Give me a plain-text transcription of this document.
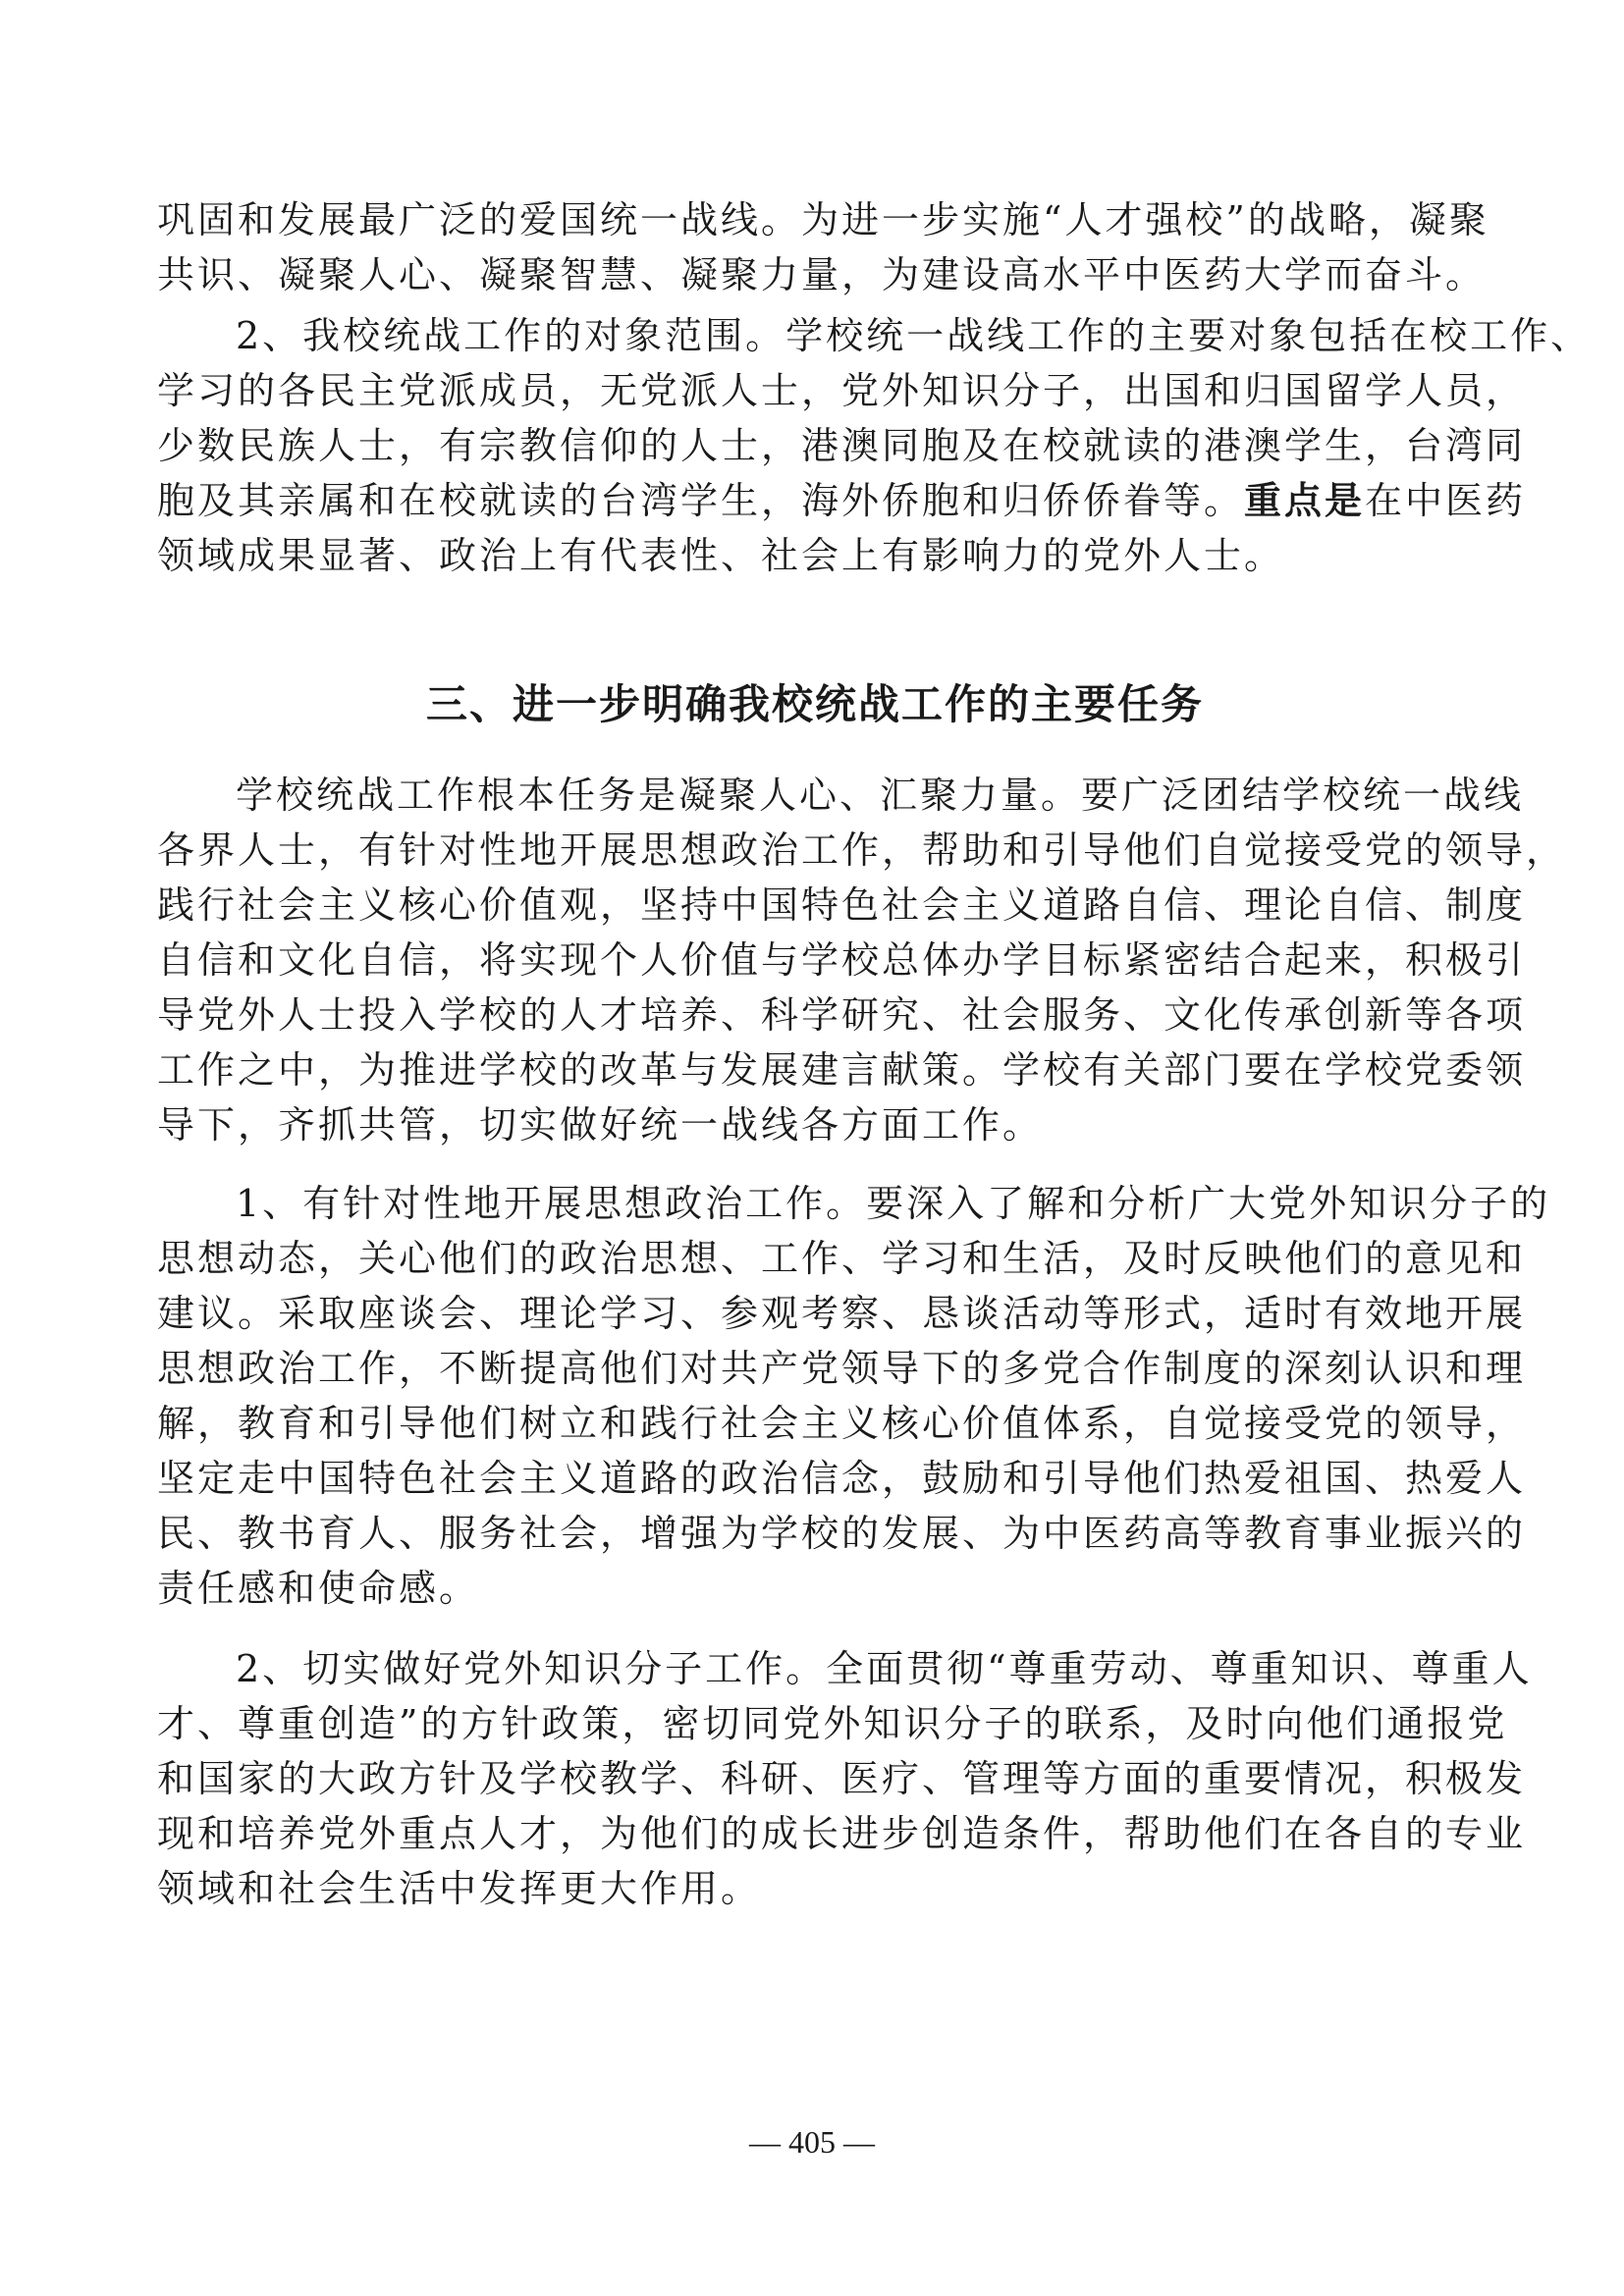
巩固和发展最广泛的爱国统一战线。为进一步实施“人才强校”的战略，凝聚
共识、凝聚人心、凝聚智慧、凝聚力量，为建设高水平中医药大学而奋斗。
2、我校统战工作的对象范围。学校统一战线工作的主要对象包括在校工作、
学习的各民主党派成员，无党派人士，党外知识分子，出国和归国留学人员，
少数民族人士，有宗教信仰的人士，港澳同胞及在校就读的港澳学生，台湾同
胞及其亲属和在校就读的台湾学生，海外侨胞和归侨侨眷等。重点是在中医药
领域成果显著、政治上有代表性、社会上有影响力的党外人士。
三、进一步明确我校统战工作的主要任务
学校统战工作根本任务是凝聚人心、汇聚力量。要广泛团结学校统一战线
各界人士，有针对性地开展思想政治工作，帮助和引导他们自觉接受党的领导，
践行社会主义核心价值观，坚持中国特色社会主义道路自信、理论自信、制度
自信和文化自信，将实现个人价值与学校总体办学目标紧密结合起来，积极引
导党外人士投入学校的人才培养、科学研究、社会服务、文化传承创新等各项
工作之中，为推进学校的改革与发展建言献策。学校有关部门要在学校党委领
导下，齐抓共管，切实做好统一战线各方面工作。
1、有针对性地开展思想政治工作。要深入了解和分析广大党外知识分子的
思想动态，关心他们的政治思想、工作、学习和生活，及时反映他们的意见和
建议。采取座谈会、理论学习、参观考察、恳谈活动等形式，适时有效地开展
思想政治工作，不断提高他们对共产党领导下的多党合作制度的深刻认识和理
解，教育和引导他们树立和践行社会主义核心价值体系，自觉接受党的领导，
坚定走中国特色社会主义道路的政治信念，鼓励和引导他们热爱祖国、热爱人
民、教书育人、服务社会，增强为学校的发展、为中医药高等教育事业振兴的
责任感和使命感。
2、切实做好党外知识分子工作。全面贯彻“尊重劳动、尊重知识、尊重人
才、尊重创造”的方针政策，密切同党外知识分子的联系，及时向他们通报党
和国家的大政方针及学校教学、科研、医疗、管理等方面的重要情况，积极发
现和培养党外重点人才，为他们的成长进步创造条件，帮助他们在各自的专业
领域和社会生活中发挥更大作用。
— 405 —
